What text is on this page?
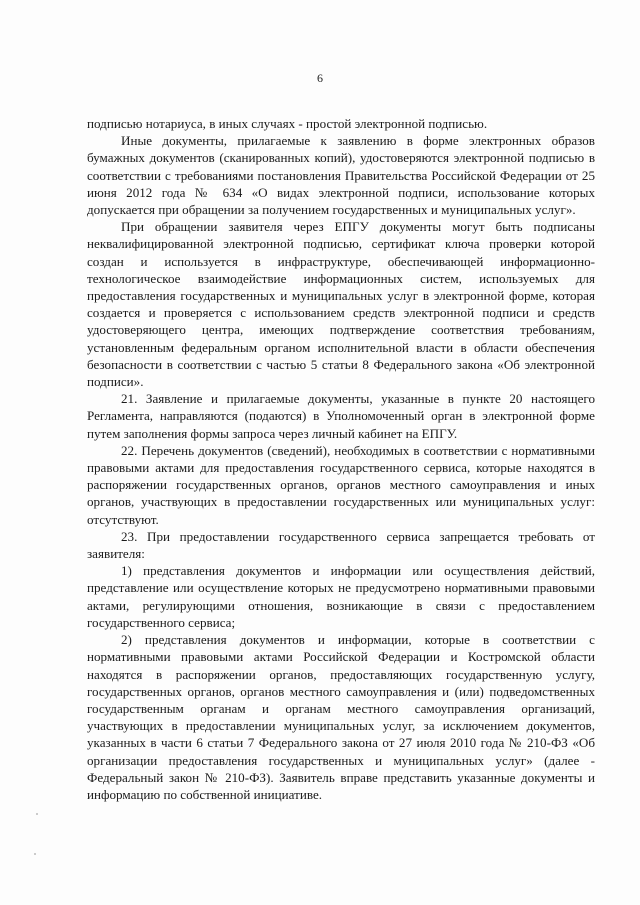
6

подписью нотариуса, в иных случаях - простой электронной подписью.

Иные документы, прилагаемые к заявлению в форме электронных образов бумажных документов (сканированных копий), удостоверяются электронной подписью в соответствии с требованиями постановления Правительства Российской Федерации от 25 июня 2012 года № 634 «О видах электронной подписи, использование которых допускается при обращении за получением государственных и муниципальных услуг».

При обращении заявителя через ЕПГУ документы могут быть подписаны неквалифицированной электронной подписью, сертификат ключа проверки которой создан и используется в инфраструктуре, обеспечивающей информационно-технологическое взаимодействие информационных систем, используемых для предоставления государственных и муниципальных услуг в электронной форме, которая создается и проверяется с использованием средств электронной подписи и средств удостоверяющего центра, имеющих подтверждение соответствия требованиям, установленным федеральным органом исполнительной власти в области обеспечения безопасности в соответствии с частью 5 статьи 8 Федерального закона «Об электронной подписи».

21. Заявление и прилагаемые документы, указанные в пункте 20 настоящего Регламента, направляются (подаются) в Уполномоченный орган в электронной форме путем заполнения формы запроса через личный кабинет на ЕПГУ.

22. Перечень документов (сведений), необходимых в соответствии с нормативными правовыми актами для предоставления государственного сервиса, которые находятся в распоряжении государственных органов, органов местного самоуправления и иных органов, участвующих в предоставлении государственных или муниципальных услуг: отсутствуют.

23. При предоставлении государственного сервиса запрещается требовать от заявителя:

1) представления документов и информации или осуществления действий, представление или осуществление которых не предусмотрено нормативными правовыми актами, регулирующими отношения, возникающие в связи с предоставлением государственного сервиса;

2) представления документов и информации, которые в соответствии с нормативными правовыми актами Российской Федерации и Костромской области находятся в распоряжении органов, предоставляющих государственную услугу, государственных органов, органов местного самоуправления и (или) подведомственных государственным органам и органам местного самоуправления организаций, участвующих в предоставлении муниципальных услуг, за исключением документов, указанных в части 6 статьи 7 Федерального закона от 27 июля 2010 года № 210-ФЗ «Об организации предоставления государственных и муниципальных услуг» (далее - Федеральный закон № 210-ФЗ). Заявитель вправе представить указанные документы и информацию по собственной инициативе.
